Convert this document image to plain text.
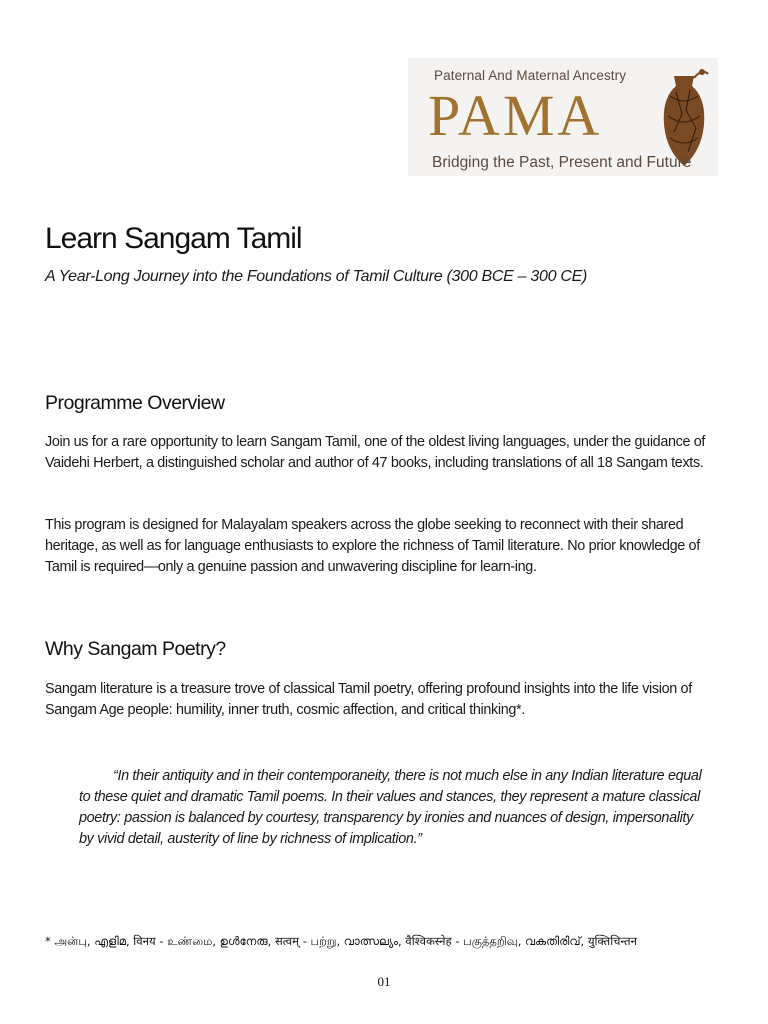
Paternal And Maternal Ancestry
PAMA
Bridging the Past, Present and Future
Learn Sangam Tamil

A Year-Long Journey into the Foundations of Tamil Culture (300 BCE – 300 CE)

Programme Overview

Join us for a rare opportunity to learn Sangam Tamil, one of the oldest living languages, under the guidance of Vaidehi Herbert, a distinguished scholar and author of 47 books, including translations of all 18 Sangam texts.

This program is designed for Malayalam speakers across the globe seeking to reconnect with their shared heritage, as well as for language enthusiasts to explore the richness of Tamil literature. No prior knowledge of Tamil is required—only a genuine passion and unwavering discipline for learn-ing.

Why Sangam Poetry?

Sangam literature is a treasure trove of classical Tamil poetry, offering profound insights into the life vision of Sangam Age people: humility, inner truth, cosmic affection, and critical thinking*.

“In their antiquity and in their contemporaneity, there is not much else in any Indian literature equal to these quiet and dramatic Tamil poems. In their values and stances, they represent a mature classical poetry: passion is balanced by courtesy, transparency by ironies and nuances of design, impersonality by vivid detail, austerity of line by richness of implication.”

* அன்பு, എളിമ, विनय - உண்மை, ഉൾനേരു, सत्वम् - பற்று, വാത്സല്യം, वैश्विकस्नेह - பகுத்தறிவு, വകതിരിവ്, युक्तिचिन्तन

01
